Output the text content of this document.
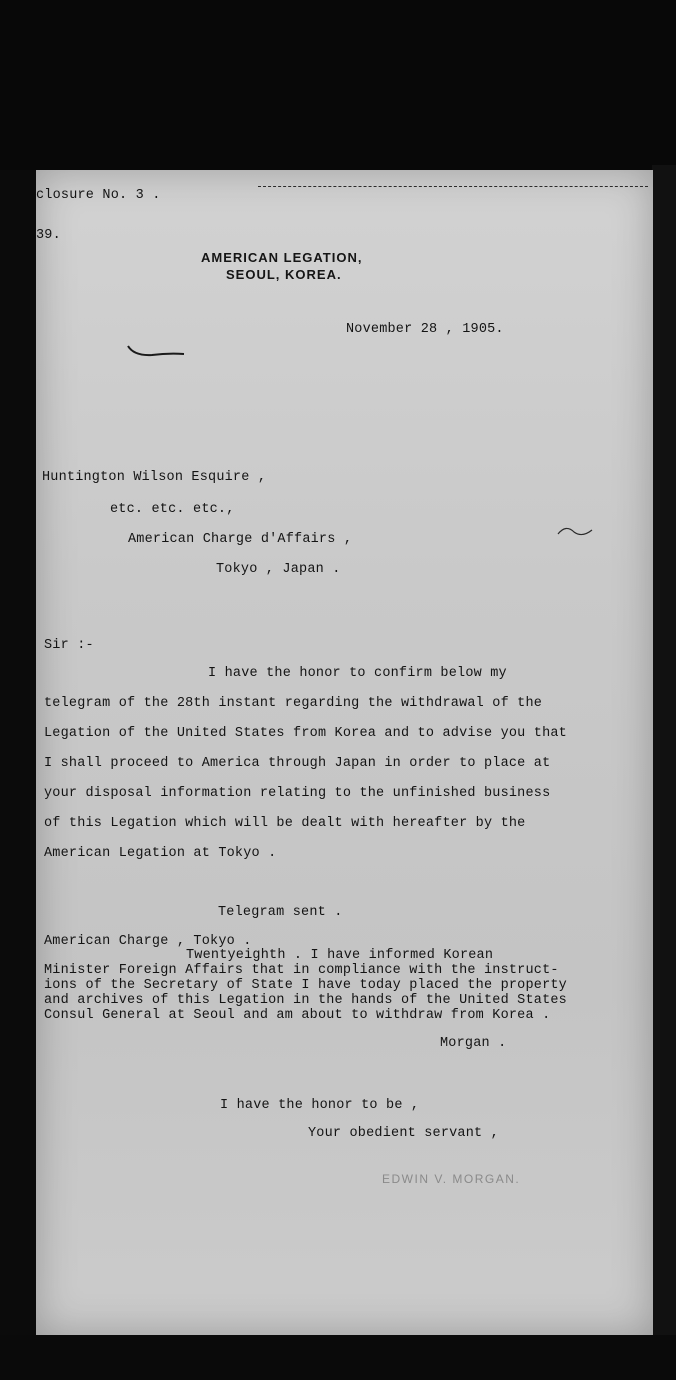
closure No. 3 .
39.
AMERICAN LEGATION,
SEOUL, KOREA.
November 28 , 1905.
Huntington Wilson Esquire ,
etc. etc. etc.,
American Charge d'Affairs ,
Tokyo , Japan .
Sir :-
I have the honor to confirm below my
telegram of the 28th instant regarding the withdrawal of the
Legation of the United States from Korea and to advise you that
I shall proceed to America through Japan in order to place at
your disposal information relating to the unfinished business
of this Legation which will be dealt with hereafter by the
American Legation at Tokyo .
Telegram sent .
American Charge , Tokyo .
Twentyeighth . I have informed Korean
Minister Foreign Affairs that in compliance with the instruct-
ions of the Secretary of State I have today placed the property
and archives of this Legation in the hands of the United States
Consul General at Seoul and am about to withdraw from Korea .
Morgan .
I have the honor to be ,
Your obedient servant ,
EDWIN V. MORGAN.
